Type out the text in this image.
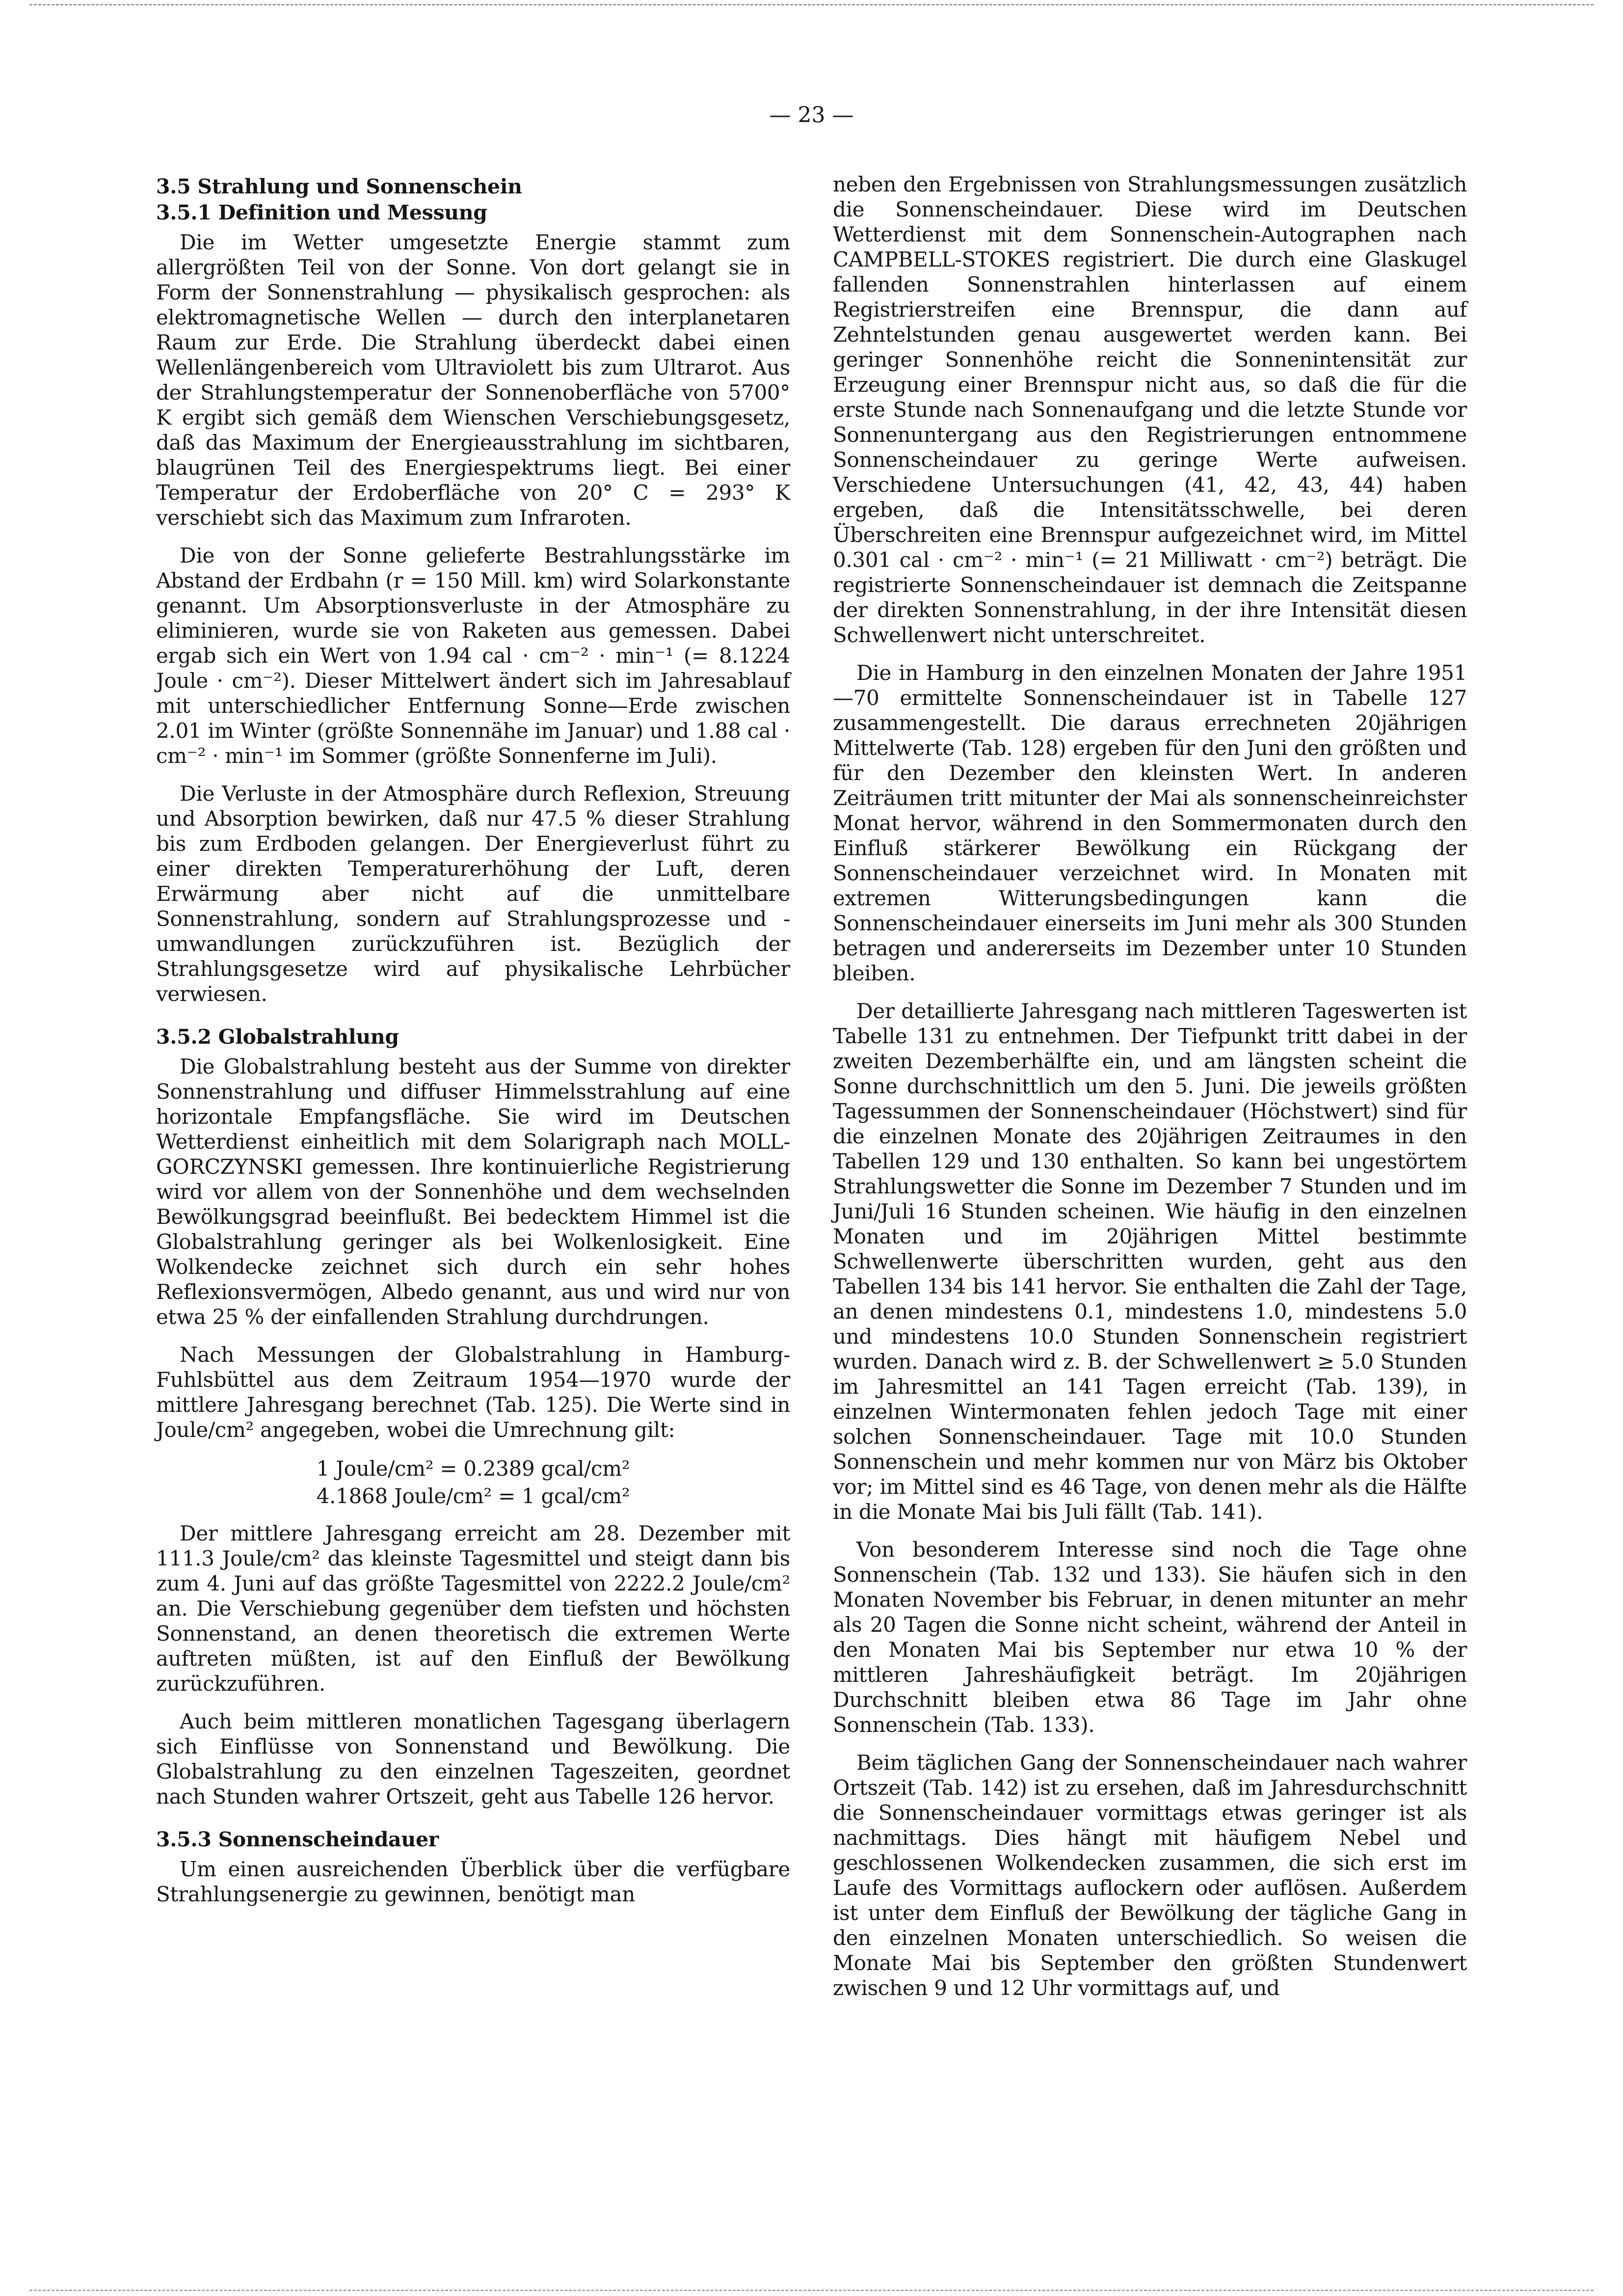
— 23 —
3.5 Strahlung und Sonnenschein
3.5.1 Definition und Messung

Die im Wetter umgesetzte Energie stammt zum allergrößten Teil von der Sonne. Von dort gelangt sie in Form der Sonnenstrahlung — physikalisch gesprochen: als elektromagnetische Wellen — durch den interplanetaren Raum zur Erde. Die Strahlung überdeckt dabei einen Wellenlängenbereich vom Ultraviolett bis zum Ultrarot. Aus der Strahlungstemperatur der Sonnenoberfläche von 5700° K ergibt sich gemäß dem Wienschen Verschiebungsgesetz, daß das Maximum der Energieausstrahlung im sichtbaren, blaugrünen Teil des Energiespektrums liegt. Bei einer Temperatur der Erdoberfläche von 20° C = 293° K verschiebt sich das Maximum zum Infraroten.

Die von der Sonne gelieferte Bestrahlungsstärke im Abstand der Erdbahn (r = 150 Mill. km) wird Solarkonstante genannt. Um Absorptionsverluste in der Atmosphäre zu eliminieren, wurde sie von Raketen aus gemessen. Dabei ergab sich ein Wert von 1.94 cal · cm⁻² · min⁻¹ (= 8.1224 Joule · cm⁻²). Dieser Mittelwert ändert sich im Jahresablauf mit unterschiedlicher Entfernung Sonne—Erde zwischen 2.01 im Winter (größte Sonnennähe im Januar) und 1.88 cal · cm⁻² · min⁻¹ im Sommer (größte Sonnenferne im Juli).

Die Verluste in der Atmosphäre durch Reflexion, Streuung und Absorption bewirken, daß nur 47.5 % dieser Strahlung bis zum Erdboden gelangen. Der Energieverlust führt zu einer direkten Temperaturerhöhung der Luft, deren Erwärmung aber nicht auf die unmittelbare Sonnenstrahlung, sondern auf Strahlungsprozesse und -umwandlungen zurückzuführen ist. Bezüglich der Strahlungsgesetze wird auf physikalische Lehrbücher verwiesen.

3.5.2 Globalstrahlung

Die Globalstrahlung besteht aus der Summe von direkter Sonnenstrahlung und diffuser Himmelsstrahlung auf eine horizontale Empfangsfläche. Sie wird im Deutschen Wetterdienst einheitlich mit dem Solarigraph nach MOLL-GORCZYNSKI gemessen. Ihre kontinuierliche Registrierung wird vor allem von der Sonnenhöhe und dem wechselnden Bewölkungsgrad beeinflußt. Bei bedecktem Himmel ist die Globalstrahlung geringer als bei Wolkenlosigkeit. Eine Wolkendecke zeichnet sich durch ein sehr hohes Reflexionsvermögen, Albedo genannt, aus und wird nur von etwa 25 % der einfallenden Strahlung durchdrungen.

Nach Messungen der Globalstrahlung in Hamburg-Fuhlsbüttel aus dem Zeitraum 1954—1970 wurde der mittlere Jahresgang berechnet (Tab. 125). Die Werte sind in Joule/cm² angegeben, wobei die Umrechnung gilt:

1 Joule/cm² = 0.2389 gcal/cm²
4.1868 Joule/cm² = 1 gcal/cm²

Der mittlere Jahresgang erreicht am 28. Dezember mit 111.3 Joule/cm² das kleinste Tagesmittel und steigt dann bis zum 4. Juni auf das größte Tagesmittel von 2222.2 Joule/cm² an. Die Verschiebung gegenüber dem tiefsten und höchsten Sonnenstand, an denen theoretisch die extremen Werte auftreten müßten, ist auf den Einfluß der Bewölkung zurückzuführen.

Auch beim mittleren monatlichen Tagesgang überlagern sich Einflüsse von Sonnenstand und Bewölkung. Die Globalstrahlung zu den einzelnen Tageszeiten, geordnet nach Stunden wahrer Ortszeit, geht aus Tabelle 126 hervor.

3.5.3 Sonnenscheindauer

Um einen ausreichenden Überblick über die verfügbare Strahlungsenergie zu gewinnen, benötigt man

neben den Ergebnissen von Strahlungsmessungen zusätzlich die Sonnenscheindauer. Diese wird im Deutschen Wetterdienst mit dem Sonnenschein-Autographen nach CAMPBELL-STOKES registriert. Die durch eine Glaskugel fallenden Sonnenstrahlen hinterlassen auf einem Registrierstreifen eine Brennspur, die dann auf Zehntelstunden genau ausgewertet werden kann. Bei geringer Sonnenhöhe reicht die Sonnenintensität zur Erzeugung einer Brennspur nicht aus, so daß die für die erste Stunde nach Sonnenaufgang und die letzte Stunde vor Sonnenuntergang aus den Registrierungen entnommene Sonnenscheindauer zu geringe Werte aufweisen. Verschiedene Untersuchungen (41, 42, 43, 44) haben ergeben, daß die Intensitätsschwelle, bei deren Überschreiten eine Brennspur aufgezeichnet wird, im Mittel 0.301 cal · cm⁻² · min⁻¹ (= 21 Milliwatt · cm⁻²) beträgt. Die registrierte Sonnenscheindauer ist demnach die Zeitspanne der direkten Sonnenstrahlung, in der ihre Intensität diesen Schwellenwert nicht unterschreitet.

Die in Hamburg in den einzelnen Monaten der Jahre 1951—70 ermittelte Sonnenscheindauer ist in Tabelle 127 zusammengestellt. Die daraus errechneten 20jährigen Mittelwerte (Tab. 128) ergeben für den Juni den größten und für den Dezember den kleinsten Wert. In anderen Zeiträumen tritt mitunter der Mai als sonnenscheinreichster Monat hervor, während in den Sommermonaten durch den Einfluß stärkerer Bewölkung ein Rückgang der Sonnenscheindauer verzeichnet wird. In Monaten mit extremen Witterungsbedingungen kann die Sonnenscheindauer einerseits im Juni mehr als 300 Stunden betragen und andererseits im Dezember unter 10 Stunden bleiben.

Der detaillierte Jahresgang nach mittleren Tageswerten ist Tabelle 131 zu entnehmen. Der Tiefpunkt tritt dabei in der zweiten Dezemberhälfte ein, und am längsten scheint die Sonne durchschnittlich um den 5. Juni. Die jeweils größten Tagessummen der Sonnenscheindauer (Höchstwert) sind für die einzelnen Monate des 20jährigen Zeitraumes in den Tabellen 129 und 130 enthalten. So kann bei ungestörtem Strahlungswetter die Sonne im Dezember 7 Stunden und im Juni/Juli 16 Stunden scheinen. Wie häufig in den einzelnen Monaten und im 20jährigen Mittel bestimmte Schwellenwerte überschritten wurden, geht aus den Tabellen 134 bis 141 hervor. Sie enthalten die Zahl der Tage, an denen mindestens 0.1, mindestens 1.0, mindestens 5.0 und mindestens 10.0 Stunden Sonnenschein registriert wurden. Danach wird z. B. der Schwellenwert ≥ 5.0 Stunden im Jahresmittel an 141 Tagen erreicht (Tab. 139), in einzelnen Wintermonaten fehlen jedoch Tage mit einer solchen Sonnenscheindauer. Tage mit 10.0 Stunden Sonnenschein und mehr kommen nur von März bis Oktober vor; im Mittel sind es 46 Tage, von denen mehr als die Hälfte in die Monate Mai bis Juli fällt (Tab. 141).

Von besonderem Interesse sind noch die Tage ohne Sonnenschein (Tab. 132 und 133). Sie häufen sich in den Monaten November bis Februar, in denen mitunter an mehr als 20 Tagen die Sonne nicht scheint, während der Anteil in den Monaten Mai bis September nur etwa 10 % der mittleren Jahreshäufigkeit beträgt. Im 20jährigen Durchschnitt bleiben etwa 86 Tage im Jahr ohne Sonnenschein (Tab. 133).

Beim täglichen Gang der Sonnenscheindauer nach wahrer Ortszeit (Tab. 142) ist zu ersehen, daß im Jahresdurchschnitt die Sonnenscheindauer vormittags etwas geringer ist als nachmittags. Dies hängt mit häufigem Nebel und geschlossenen Wolkendecken zusammen, die sich erst im Laufe des Vormittags auflockern oder auflösen. Außerdem ist unter dem Einfluß der Bewölkung der tägliche Gang in den einzelnen Monaten unterschiedlich. So weisen die Monate Mai bis September den größten Stundenwert zwischen 9 und 12 Uhr vormittags auf, und
